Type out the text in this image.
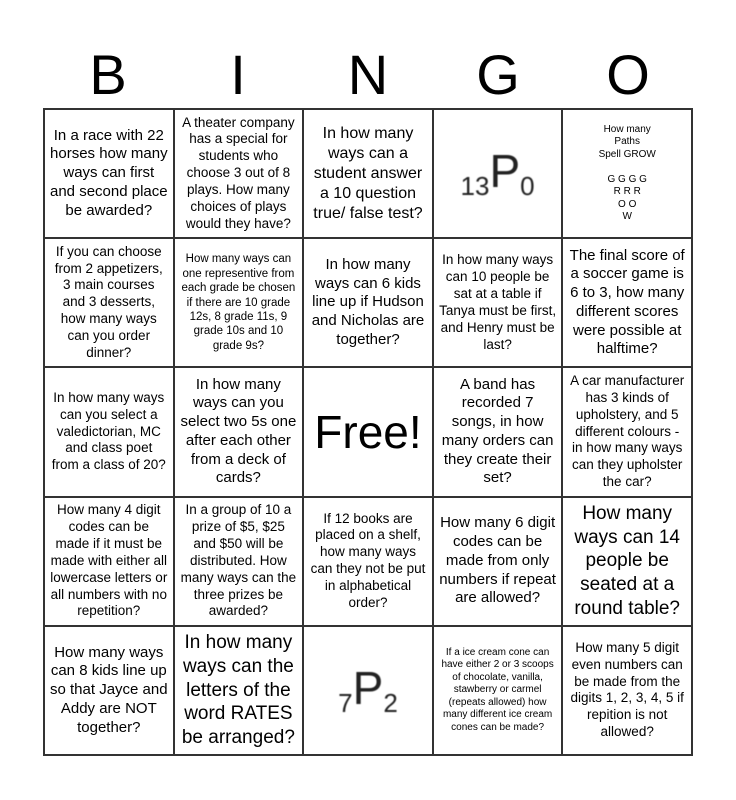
B	I	N	G	O
In a race with 22 horses how many ways can first and second place be awarded?
A theater company has a special for students who choose 3 out of 8 plays. How many choices of plays would they have?
In how many ways can a student answer a 10 question true/ false test?
$13P_0$
How many
Paths
Spell GROW

G G G G
R R R
O O
W
If you can choose from 2 appetizers, 3 main courses and 3 desserts, how many ways can you order dinner?
How many ways can one representive from each grade be chosen if there are 10 grade 12s, 8 grade 11s, 9 grade 10s and 10 grade 9s?
In how many ways can 6 kids line up if Hudson and Nicholas are together?
In how many ways can 10 people be sat at a table if Tanya must be first, and Henry must be last?
The final score of a soccer game is 6 to 3, how many different scores were possible at halftime?
In how many ways can you select a valedictorian, MC and class poet from a class of 20?
In how many ways can you select two 5s one after each other from a deck of cards?
Free!
A band has recorded 7 songs, in how many orders can they create their set?
A car manufacturer has 3 kinds of upholstery, and 5 different colours - in how many ways can they upholster the car?
How many 4 digit codes can be made if it must be made with either all lowercase letters or all numbers with no repetition?
In a group of 10 a prize of $5, $25 and $50 will be distributed. How many ways can the three prizes be awarded?
If 12 books are placed on a shelf, how many ways can they not be put in alphabetical order?
How many 6 digit codes can be made from only numbers if repeat are allowed?
How many ways can 14 people be seated at a round table?
How many ways can 8 kids line up so that Jayce and Addy are NOT together?
In how many ways can the letters of the word RATES be arranged?
$7P_2$
If a ice cream cone can have either 2 or 3 scoops of chocolate, vanilla, stawberry or carmel (repeats allowed) how many different ice cream cones can be made?
How many 5 digit even numbers can be made from the digits 1, 2, 3, 4, 5 if repition is not allowed?
